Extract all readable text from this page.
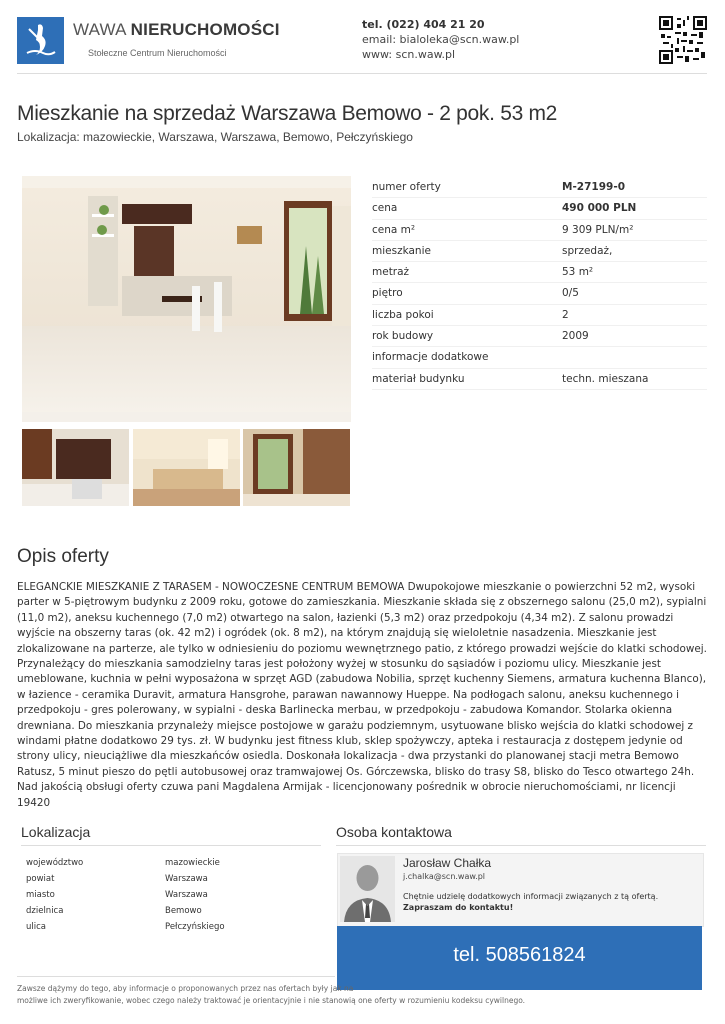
WAWA NIERUCHOMOŚCI
Stołeczne Centrum Nieruchomości
tel. (022) 404 21 20
email: bialoleka@scn.waw.pl
www: scn.waw.pl
Mieszkanie na sprzedaż Warszawa Bemowo - 2 pok. 53 m2
Lokalizacja: mazowieckie, Warszawa, Warszawa, Bemowo, Pełczyńskiego
numer oferty	M-27199-0
cena	490 000 PLN
cena m²	9 309 PLN/m²
mieszkanie	sprzedaż,
metraż	53 m²
piętro	0/5
liczba pokoi	2
rok budowy	2009
informacje dodatkowe
materiał budynku	techn. mieszana
Opis oferty
ELEGANCKIE MIESZKANIE Z TARASEM - NOWOCZESNE CENTRUM BEMOWA Dwupokojowe mieszkanie o powierzchni 52 m2, wysoki parter w 5-piętrowym budynku z 2009 roku, gotowe do zamieszkania. Mieszkanie składa się z obszernego salonu (25,0 m2), sypialni (11,0 m2), aneksu kuchennego (7,0 m2) otwartego na salon, łazienki (5,3 m2) oraz przedpokoju (4,34 m2). Z salonu prowadzi wyjście na obszerny taras (ok. 42 m2) i ogródek (ok. 8 m2), na którym znajdują się wieloletnie nasadzenia. Mieszkanie jest zlokalizowane na parterze, ale tylko w odniesieniu do poziomu wewnętrznego patio, z którego prowadzi wejście do klatki schodowej. Przynależący do mieszkania samodzielny taras jest położony wyżej w stosunku do sąsiadów i poziomu ulicy. Mieszkanie jest umeblowane, kuchnia w pełni wyposażona w sprzęt AGD (zabudowa Nobilia, sprzęt kuchenny Siemens, armatura kuchenna Blanco), w łazience - ceramika Duravit, armatura Hansgrohe, parawan nawannowy Hueppe. Na podłogach salonu, aneksu kuchennego i przedpokoju - gres polerowany, w sypialni - deska Barlinecka merbau, w przedpokoju - zabudowa Komandor. Stolarka okienna drewniana. Do mieszkania przynależy miejsce postojowe w garażu podziemnym, usytuowane blisko wejścia do klatki schodowej z windami płatne dodatkowo 29 tys. zł. W budynku jest fitness klub, sklep spożywczy, apteka i restauracja z dostępem jedynie od strony ulicy, nieuciążliwe dla mieszkańców osiedla. Doskonała lokalizacja - dwa przystanki do planowanej stacji metra Bemowo Ratusz, 5 minut pieszo do pętli autobusowej oraz tramwajowej Os. Górczewska, blisko do trasy S8, blisko do Tesco otwartego 24h. Nad jakością obsługi oferty czuwa pani Magdalena Armijak - licencjonowany pośrednik w obrocie nieruchomościami, nr licencji 19420
Lokalizacja
województwo	mazowieckie
powiat	Warszawa
miasto	Warszawa
dzielnica	Bemowo
ulica	Pełczyńskiego
Osoba kontaktowa
Jarosław Chałka
j.chalka@scn.waw.pl
Chętnie udzielę dodatkowych informacji związanych z tą ofertą.
Zapraszam do kontaktu!
tel. 508561824
Zawsze dążymy do tego, aby informacje o proponowanych przez nas ofertach były jak na
możliwe ich zweryfikowanie, wobec czego należy traktować je orientacyjnie i nie stanowią one oferty w rozumieniu kodeksu cywilnego.
